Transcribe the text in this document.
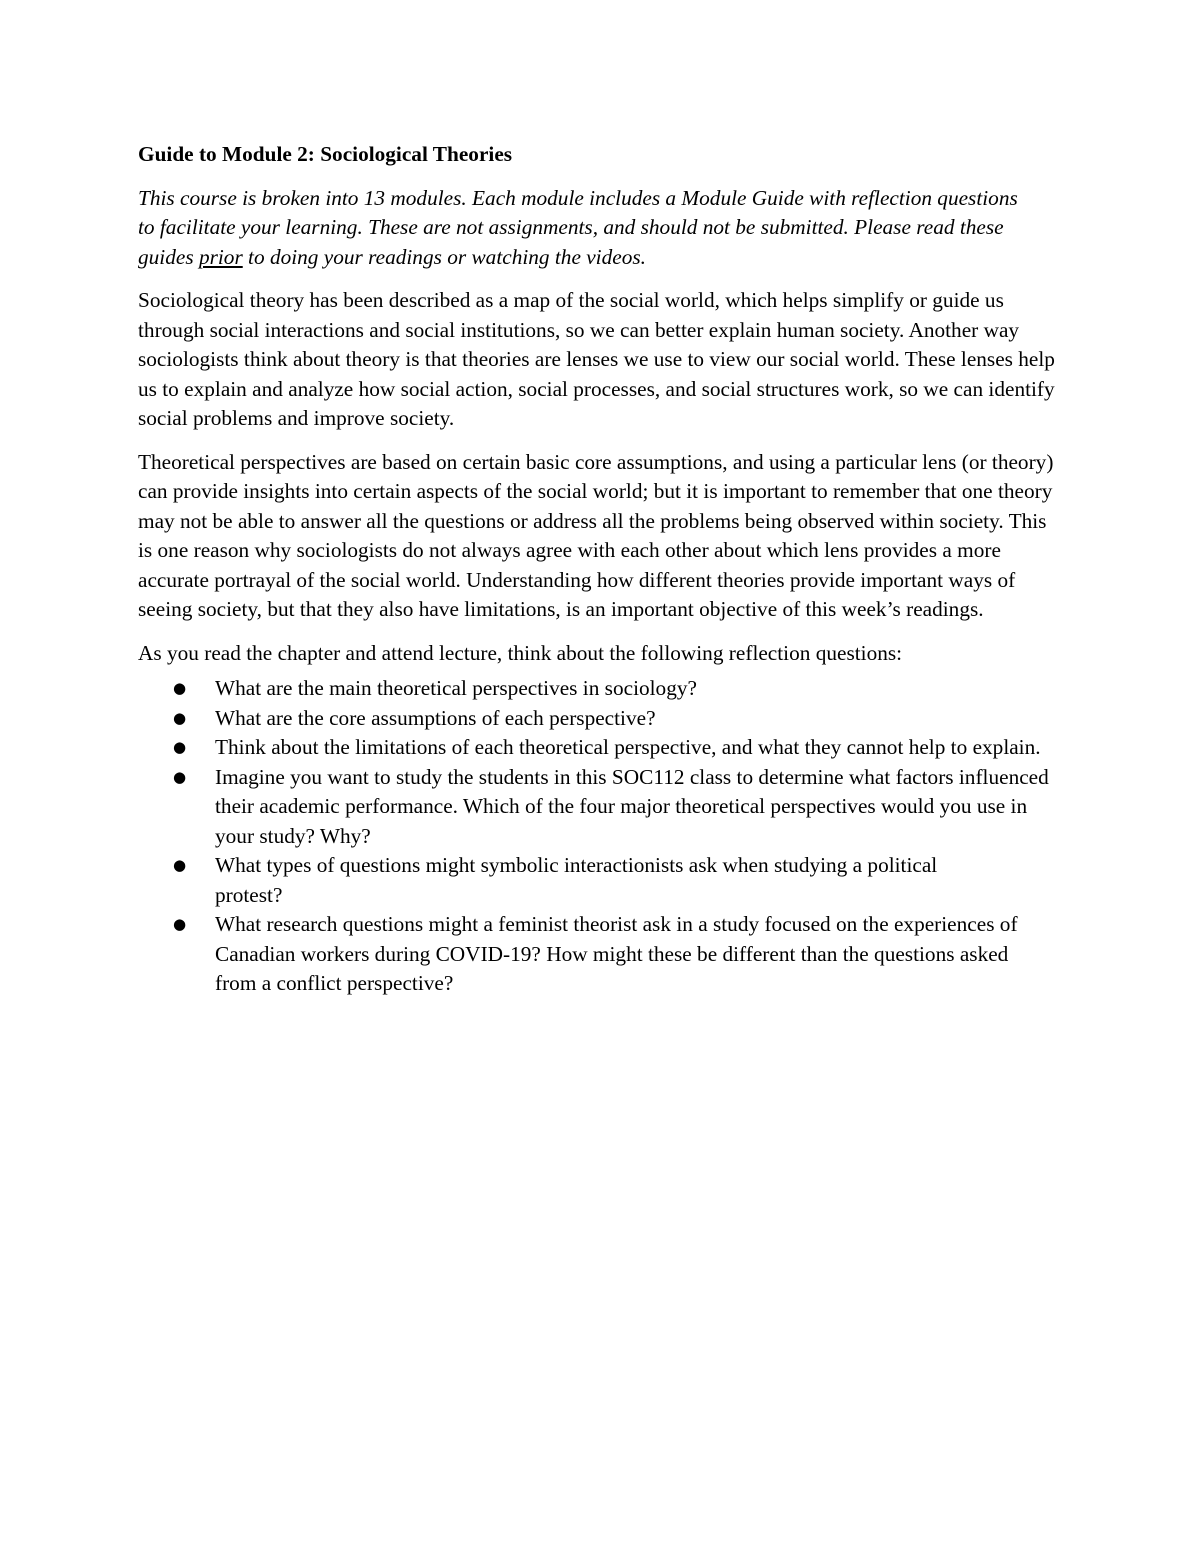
Guide to Module 2: Sociological Theories

This course is broken into 13 modules. Each module includes a Module Guide with reflection questions to facilitate your learning. These are not assignments, and should not be submitted. Please read these guides prior to doing your readings or watching the videos.

Sociological theory has been described as a map of the social world, which helps simplify or guide us through social interactions and social institutions, so we can better explain human society. Another way sociologists think about theory is that theories are lenses we use to view our social world. These lenses help us to explain and analyze how social action, social processes, and social structures work, so we can identify social problems and improve society.

Theoretical perspectives are based on certain basic core assumptions, and using a particular lens (or theory) can provide insights into certain aspects of the social world; but it is important to remember that one theory may not be able to answer all the questions or address all the problems being observed within society. This is one reason why sociologists do not always agree with each other about which lens provides a more accurate portrayal of the social world. Understanding how different theories provide important ways of seeing society, but that they also have limitations, is an important objective of this week’s readings.

As you read the chapter and attend lecture, think about the following reflection questions:

● What are the main theoretical perspectives in sociology?
● What are the core assumptions of each perspective?
● Think about the limitations of each theoretical perspective, and what they cannot help to explain.
● Imagine you want to study the students in this SOC112 class to determine what factors influenced their academic performance. Which of the four major theoretical perspectives would you use in your study? Why?
● What types of questions might symbolic interactionists ask when studying a political protest?
● What research questions might a feminist theorist ask in a study focused on the experiences of Canadian workers during COVID-19? How might these be different than the questions asked from a conflict perspective?
